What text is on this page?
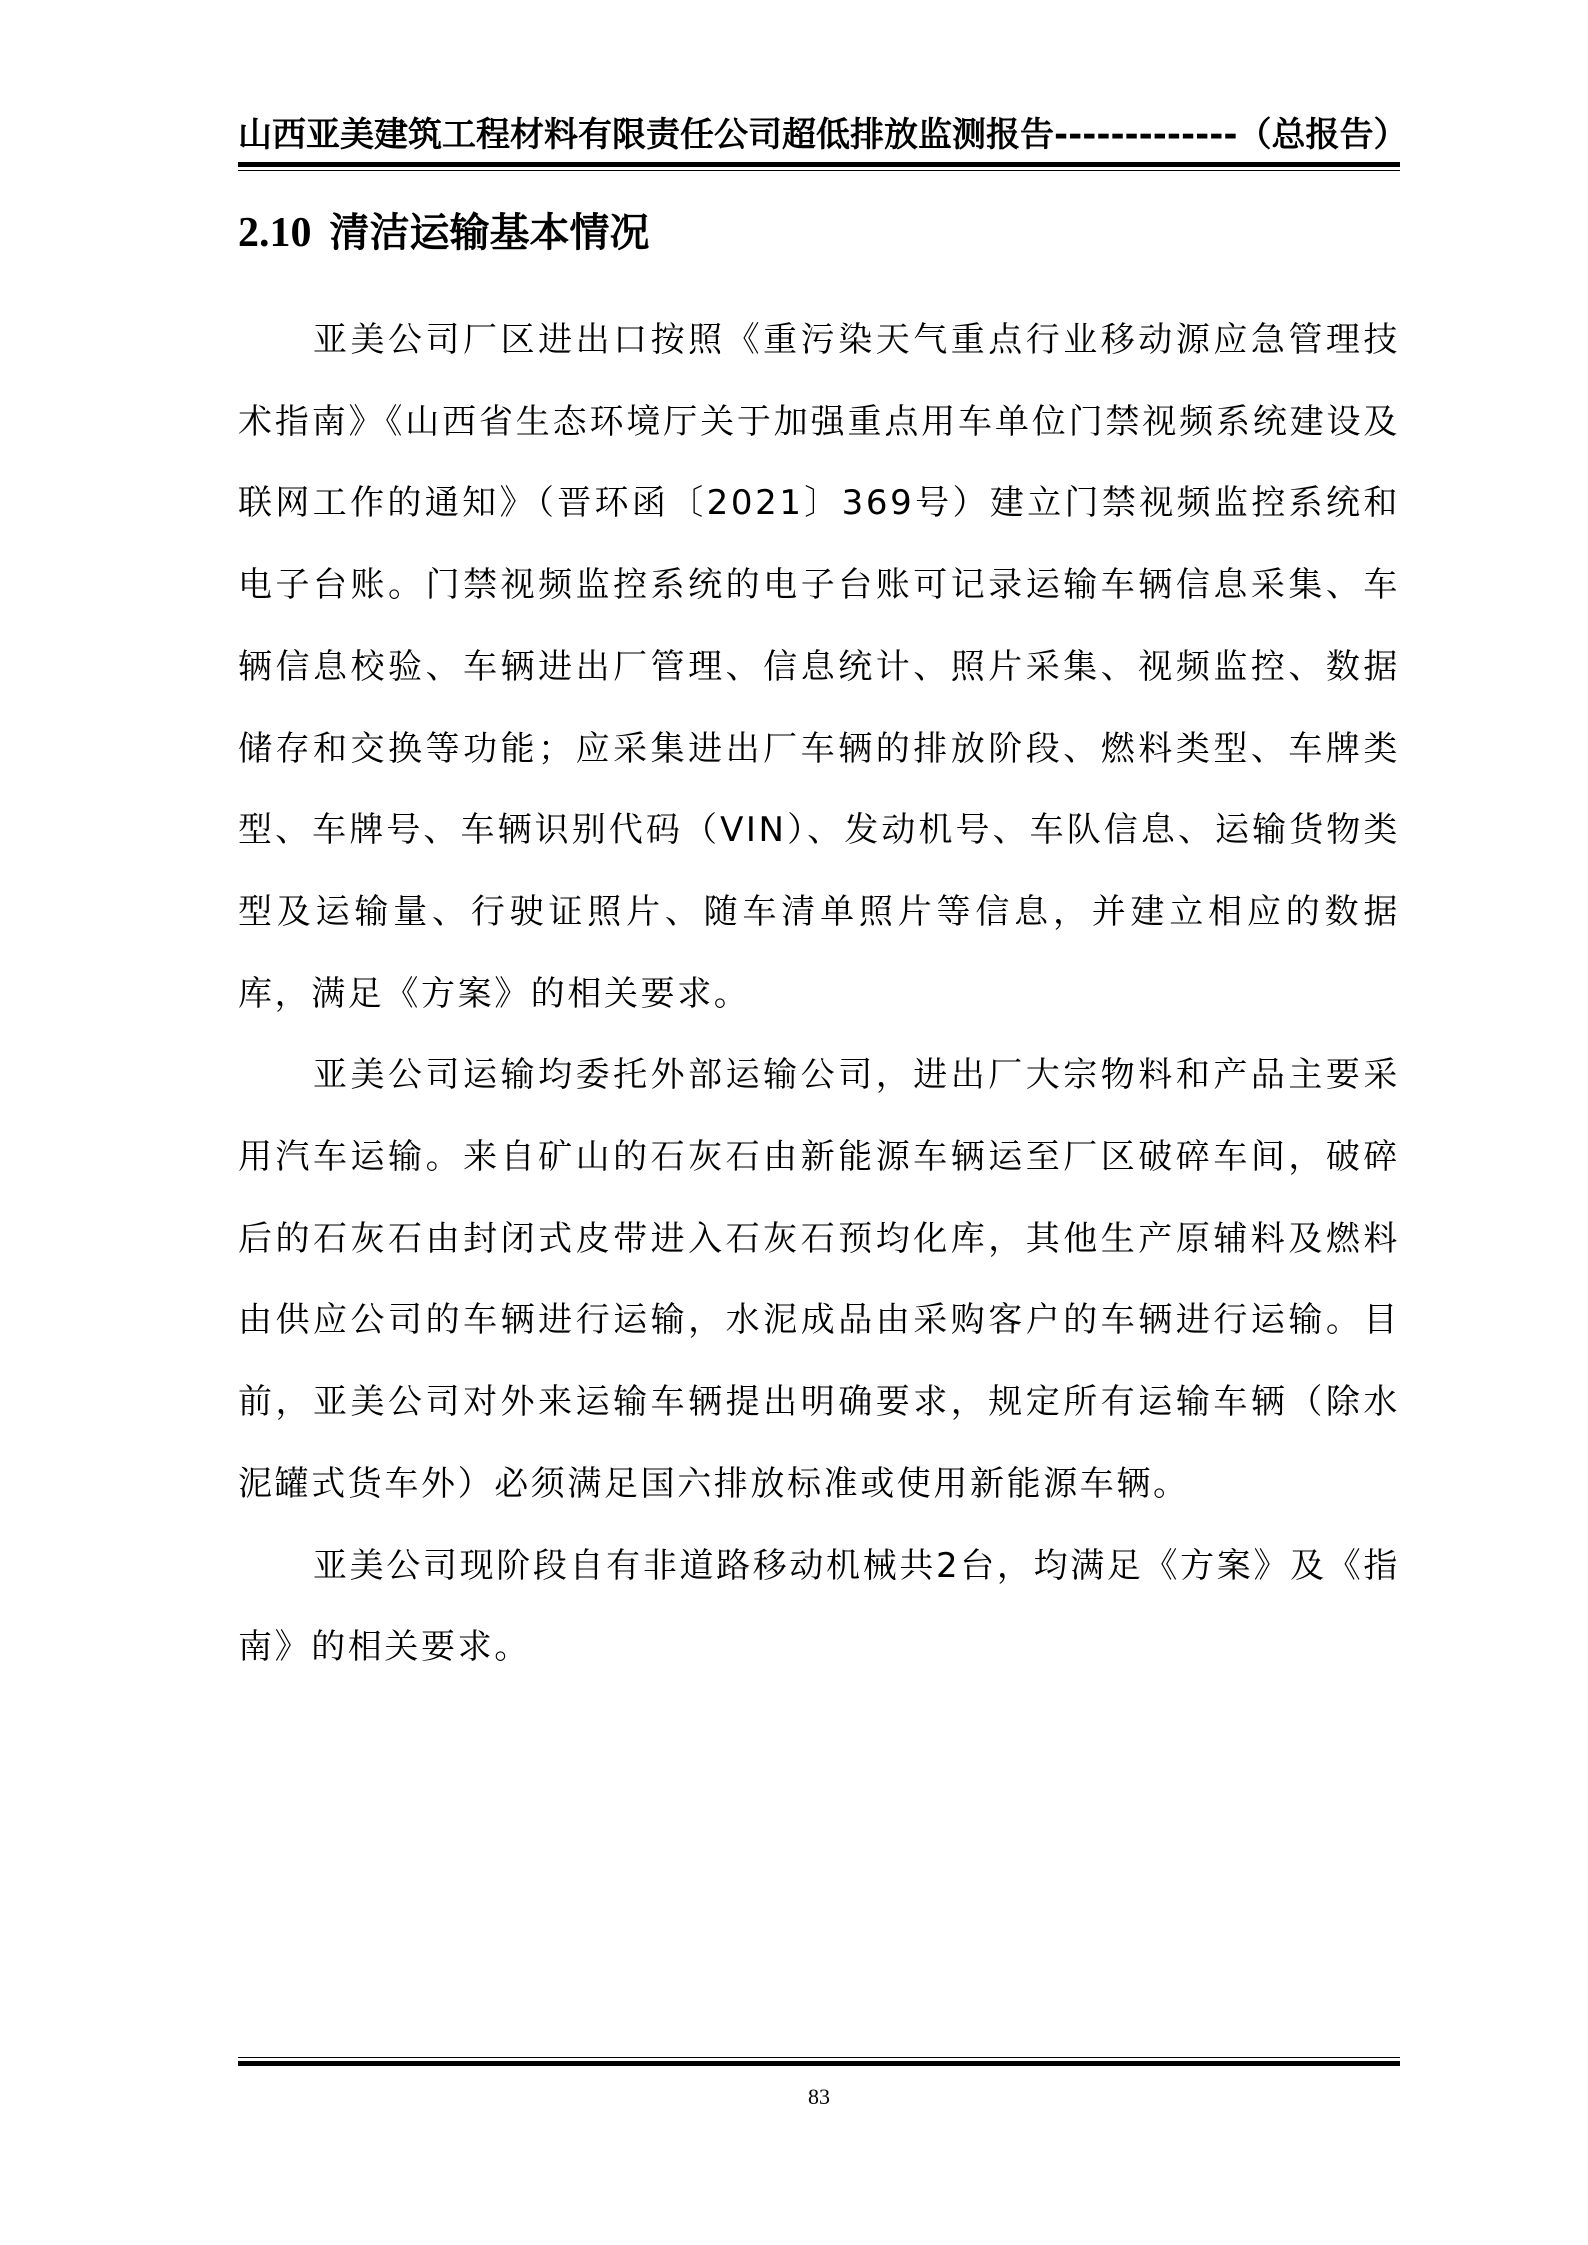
山西亚美建筑工程材料有限责任公司超低排放监测报告-------------（总报告）
2.10 清洁运输基本情况

亚美公司厂区进出口按照《重污染天气重点行业移动源应急管理技术指南》《山西省生态环境厅关于加强重点用车单位门禁视频系统建设及联网工作的通知》（晋环函〔2021〕369号）建立门禁视频监控系统和电子台账。门禁视频监控系统的电子台账可记录运输车辆信息采集、车辆信息校验、车辆进出厂管理、信息统计、照片采集、视频监控、数据储存和交换等功能；应采集进出厂车辆的排放阶段、燃料类型、车牌类型、车牌号、车辆识别代码（VIN）、发动机号、车队信息、运输货物类型及运输量、行驶证照片、随车清单照片等信息，并建立相应的数据库，满足《方案》的相关要求。

亚美公司运输均委托外部运输公司，进出厂大宗物料和产品主要采用汽车运输。来自矿山的石灰石由新能源车辆运至厂区破碎车间，破碎后的石灰石由封闭式皮带进入石灰石预均化库，其他生产原辅料及燃料由供应公司的车辆进行运输，水泥成品由采购客户的车辆进行运输。目前，亚美公司对外来运输车辆提出明确要求，规定所有运输车辆（除水泥罐式货车外）必须满足国六排放标准或使用新能源车辆。

亚美公司现阶段自有非道路移动机械共2台，均满足《方案》及《指南》的相关要求。

83
